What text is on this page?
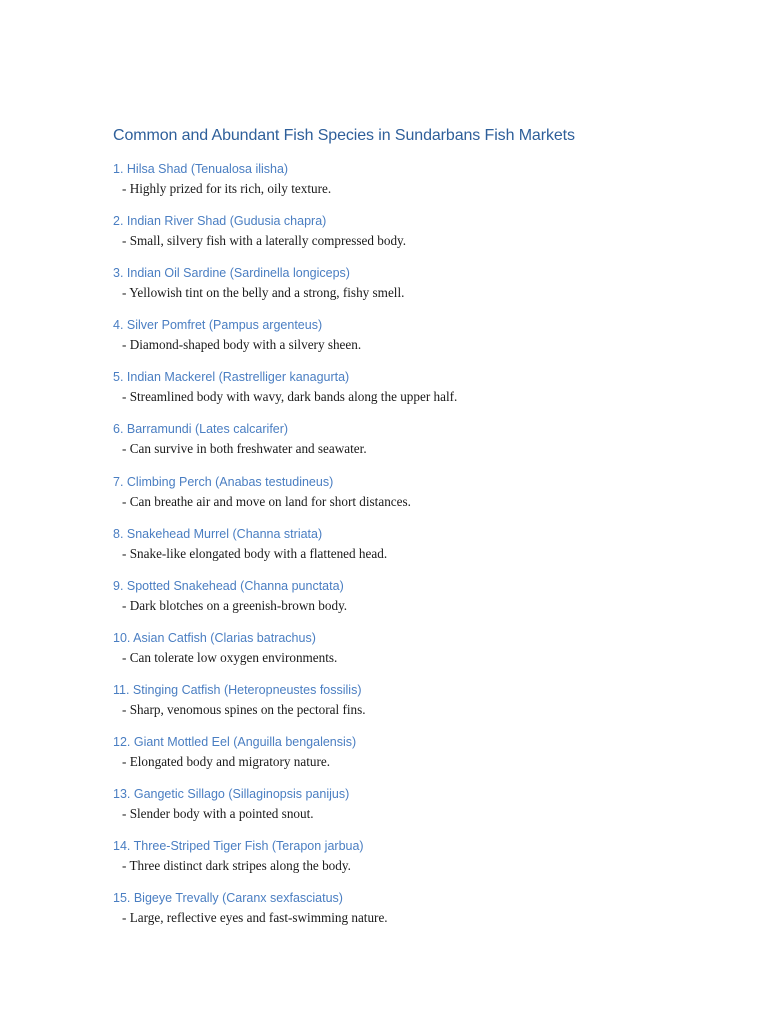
Common and Abundant Fish Species in Sundarbans Fish Markets
1. Hilsa Shad (Tenualosa ilisha)
- Highly prized for its rich, oily texture.
2. Indian River Shad (Gudusia chapra)
- Small, silvery fish with a laterally compressed body.
3. Indian Oil Sardine (Sardinella longiceps)
- Yellowish tint on the belly and a strong, fishy smell.
4. Silver Pomfret (Pampus argenteus)
- Diamond-shaped body with a silvery sheen.
5. Indian Mackerel (Rastrelliger kanagurta)
- Streamlined body with wavy, dark bands along the upper half.
6. Barramundi (Lates calcarifer)
- Can survive in both freshwater and seawater.
7. Climbing Perch (Anabas testudineus)
- Can breathe air and move on land for short distances.
8. Snakehead Murrel (Channa striata)
- Snake-like elongated body with a flattened head.
9. Spotted Snakehead (Channa punctata)
- Dark blotches on a greenish-brown body.
10. Asian Catfish (Clarias batrachus)
- Can tolerate low oxygen environments.
11. Stinging Catfish (Heteropneustes fossilis)
- Sharp, venomous spines on the pectoral fins.
12. Giant Mottled Eel (Anguilla bengalensis)
- Elongated body and migratory nature.
13. Gangetic Sillago (Sillaginopsis panijus)
- Slender body with a pointed snout.
14. Three-Striped Tiger Fish (Terapon jarbua)
- Three distinct dark stripes along the body.
15. Bigeye Trevally (Caranx sexfasciatus)
- Large, reflective eyes and fast-swimming nature.
